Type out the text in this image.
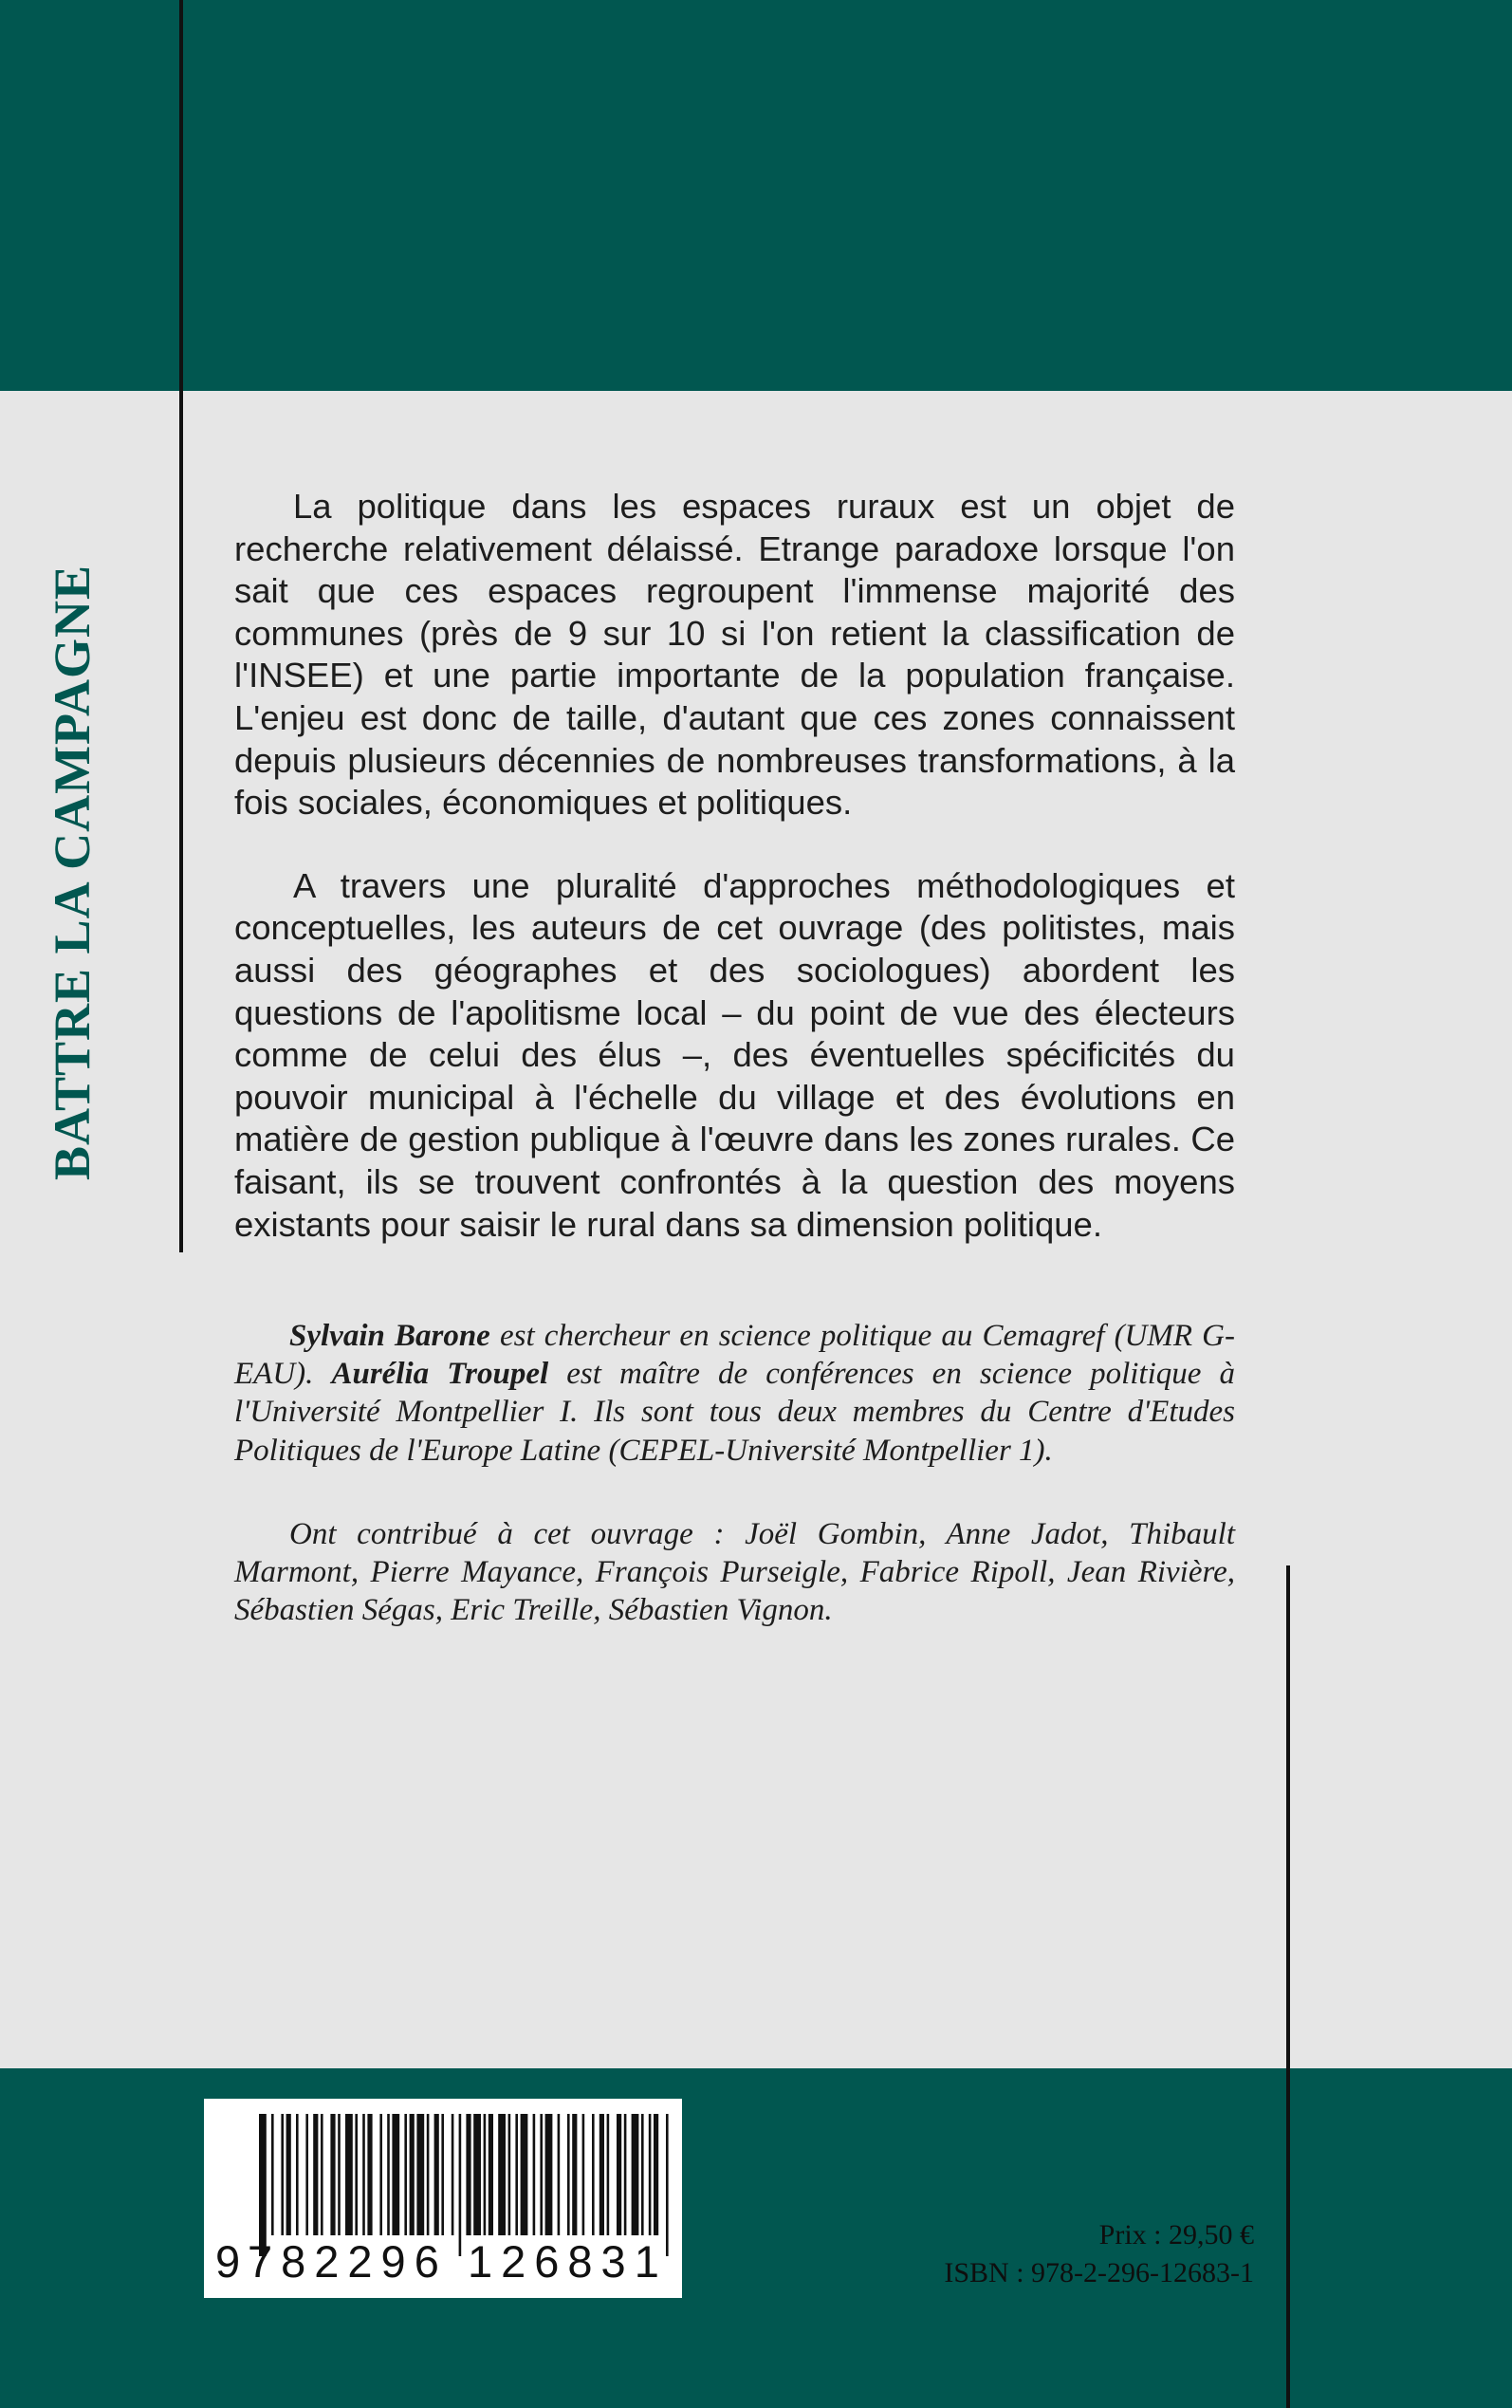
BATTRE LA CAMPAGNE

La politique dans les espaces ruraux est un objet de recherche relativement délaissé. Etrange paradoxe lorsque l'on sait que ces espaces regroupent l'immense majorité des communes (près de 9 sur 10 si l'on retient la classification de l'INSEE) et une partie importante de la population française. L'enjeu est donc de taille, d'autant que ces zones connaissent depuis plusieurs décennies de nombreuses transformations, à la fois sociales, économiques et politiques.

A travers une pluralité d'approches méthodologiques et conceptuelles, les auteurs de cet ouvrage (des politistes, mais aussi des géographes et des sociologues) abordent les questions de l'apolitisme local – du point de vue des électeurs comme de celui des élus –, des éventuelles spécificités du pouvoir municipal à l'échelle du village et des évolutions en matière de gestion publique à l'œuvre dans les zones rurales. Ce faisant, ils se trouvent confrontés à la question des moyens existants pour saisir le rural dans sa dimension politique.

Sylvain Barone est chercheur en science politique au Cemagref (UMR G-EAU). Aurélia Troupel est maître de conférences en science politique à l'Université Montpellier I. Ils sont tous deux membres du Centre d'Etudes Politiques de l'Europe Latine (CEPEL-Université Montpellier 1).

Ont contribué à cet ouvrage : Joël Gombin, Anne Jadot, Thibault Marmont, Pierre Mayance, François Purseigle, Fabrice Ripoll, Jean Rivière, Sébastien Ségas, Eric Treille, Sébastien Vignon.

9 782296 126831
Prix : 29,50 €
ISBN : 978-2-296-12683-1
